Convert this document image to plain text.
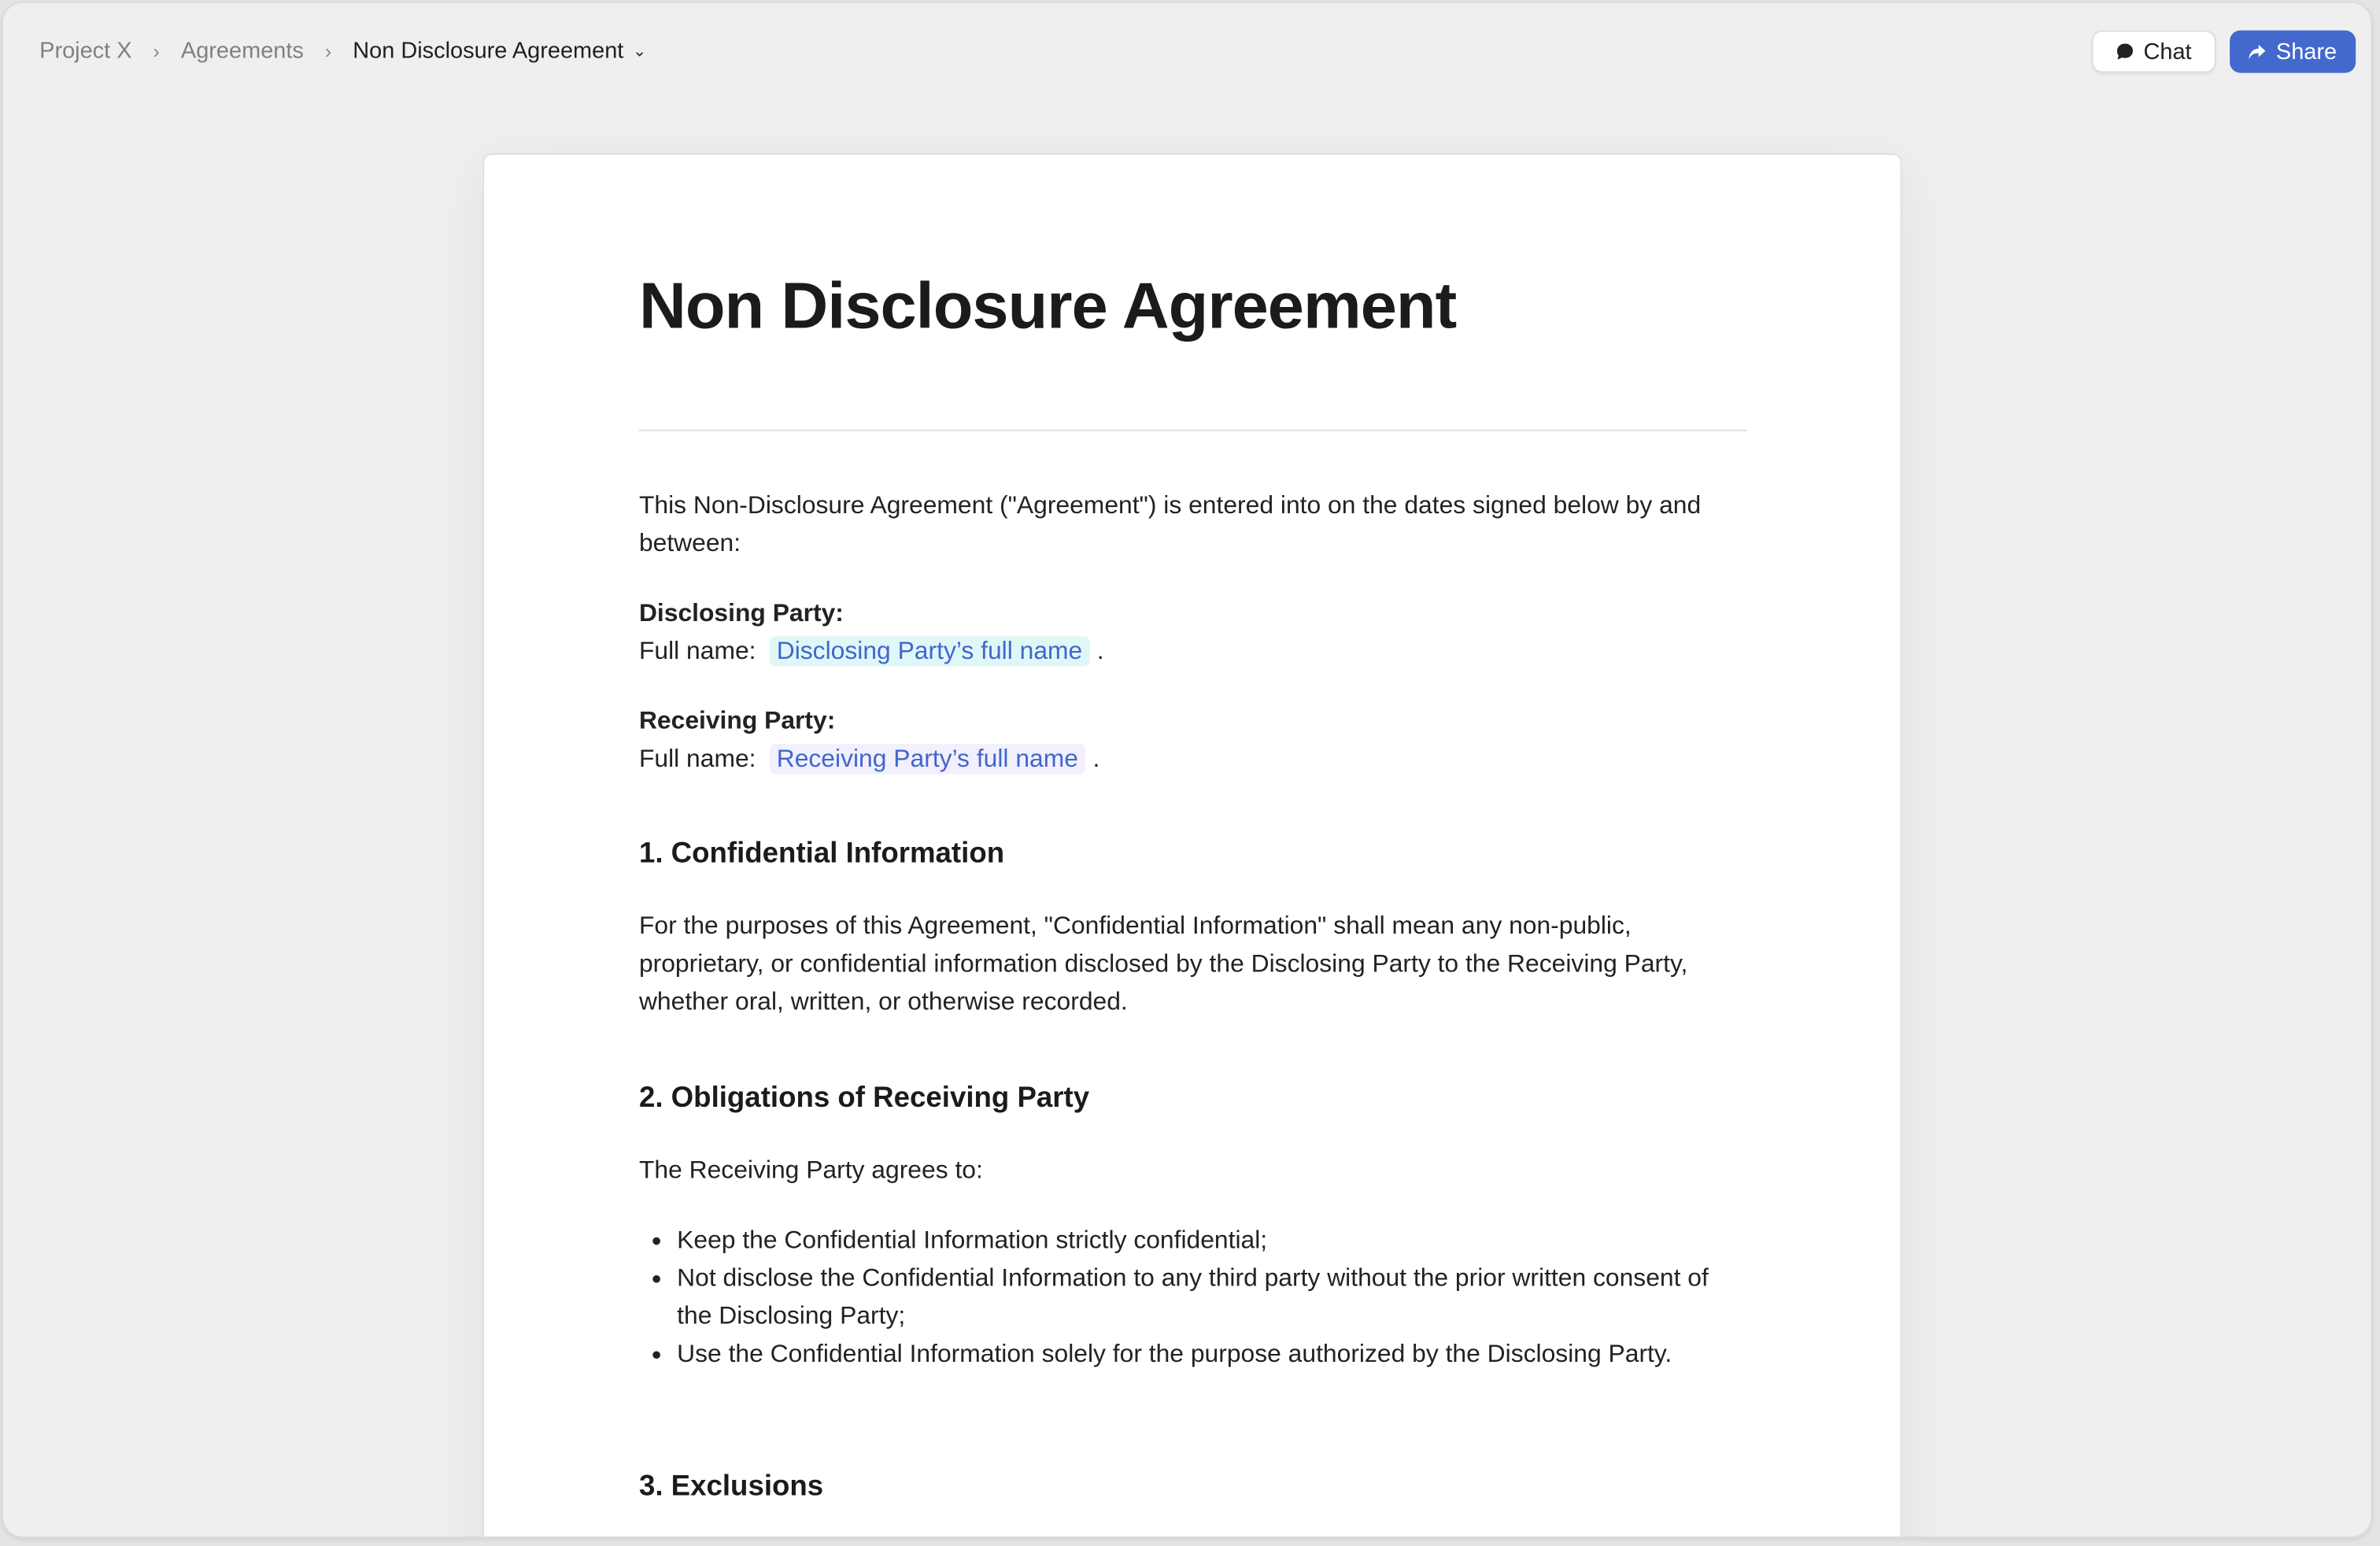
Project X › Agreements › Non Disclosure Agreement ⌄	Chat	Share
Non Disclosure Agreement

This Non-Disclosure Agreement ("Agreement") is entered into on the dates signed below by and between:

Disclosing Party:
Full name: Disclosing Party’s full name .
Receiving Party:
Full name: Receiving Party’s full name .
1. Confidential Information

For the purposes of this Agreement, "Confidential Information" shall mean any non-public, proprietary, or confidential information disclosed by the Disclosing Party to the Receiving Party, whether oral, written, or otherwise recorded.

2. Obligations of Receiving Party

The Receiving Party agrees to:

• Keep the Confidential Information strictly confidential;
• Not disclose the Confidential Information to any third party without the prior written consent of the Disclosing Party;
• Use the Confidential Information solely for the purpose authorized by the Disclosing Party.
3. Exclusions
